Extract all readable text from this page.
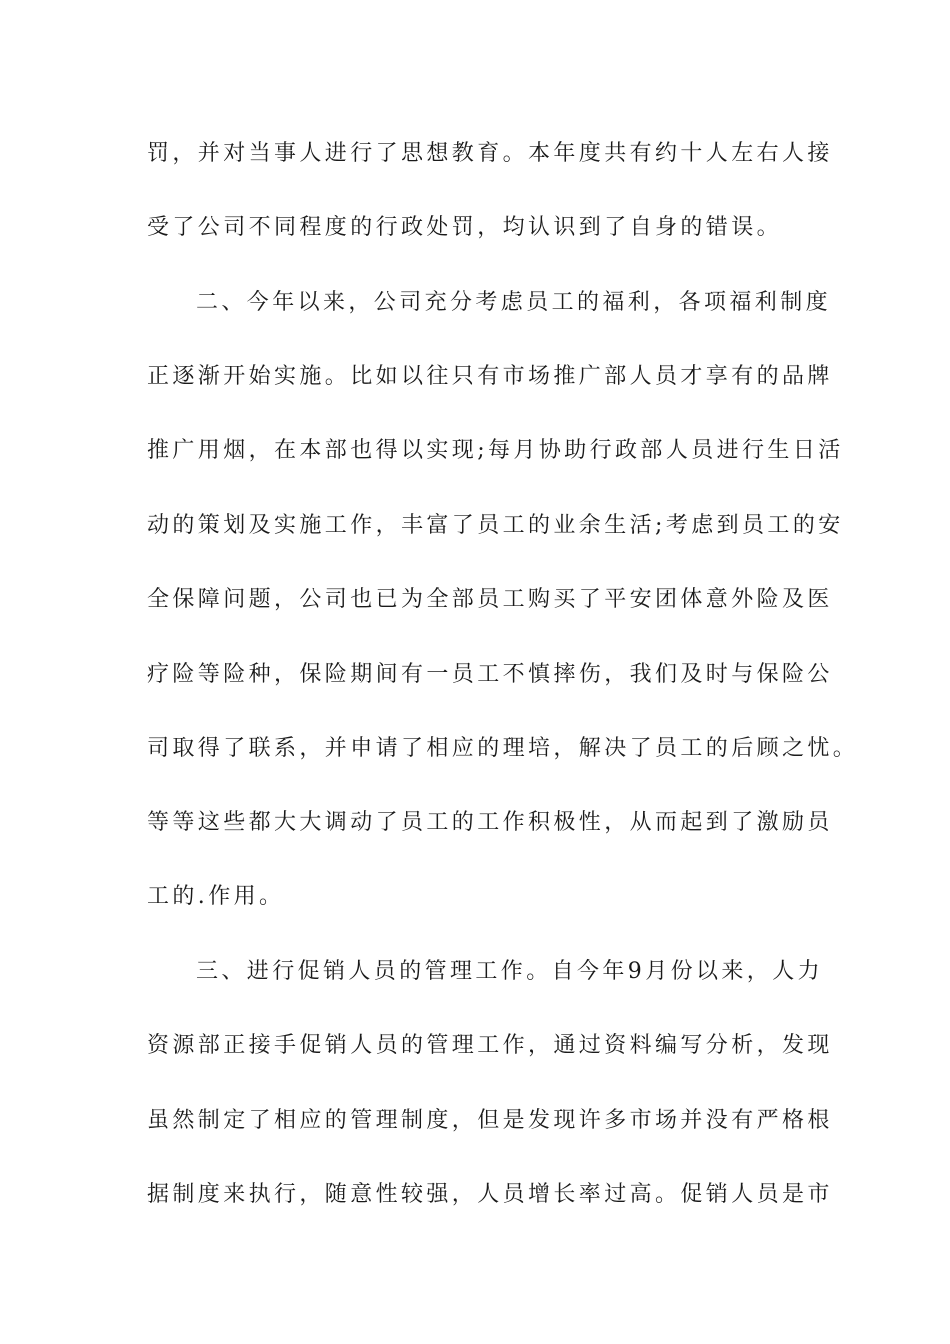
罚，并对当事人进行了思想教育。本年度共有约十人左右人接
受了公司不同程度的行政处罚，均认识到了自身的错误。
二、今年以来，公司充分考虑员工的福利，各项福利制度
正逐渐开始实施。比如以往只有市场推广部人员才享有的品牌
推广用烟，在本部也得以实现;每月协助行政部人员进行生日活
动的策划及实施工作，丰富了员工的业余生活;考虑到员工的安
全保障问题，公司也已为全部员工购买了平安团体意外险及医
疗险等险种，保险期间有一员工不慎摔伤，我们及时与保险公
司取得了联系，并申请了相应的理培，解决了员工的后顾之忧。
等等这些都大大调动了员工的工作积极性，从而起到了激励员
工的.作用。
三、进行促销人员的管理工作。自今年9月份以来，人力
资源部正接手促销人员的管理工作，通过资料编写分析，发现
虽然制定了相应的管理制度，但是发现许多市场并没有严格根
据制度来执行，随意性较强，人员增长率过高。促销人员是市
